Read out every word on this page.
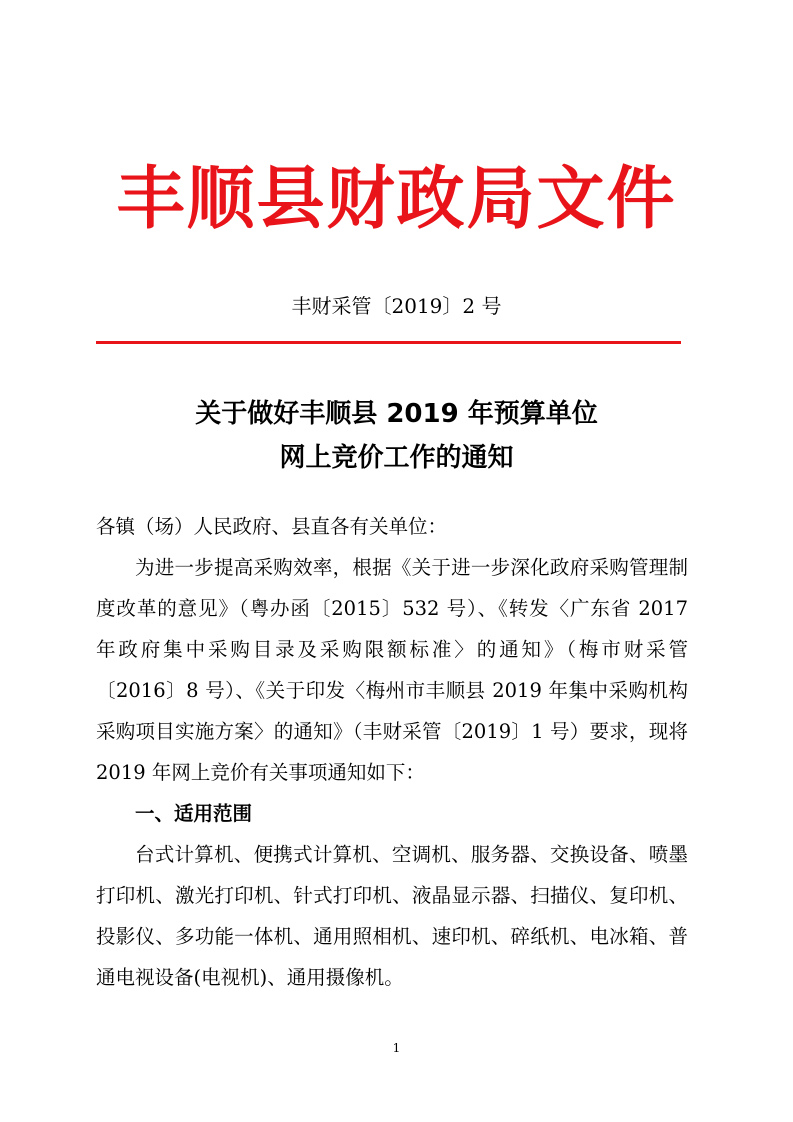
丰顺县财政局文件
丰财采管〔2019〕2 号
关于做好丰顺县 2019 年预算单位
网上竞价工作的通知

各镇（场）人民政府、县直各有关单位：

为进一步提高采购效率，根据《关于进一步深化政府采购管理制度改革的意见》（粤办函〔2015〕532 号）、《转发〈广东省 2017 年政府集中采购目录及采购限额标准〉的通知》（梅市财采管〔2016〕8 号）、《关于印发〈梅州市丰顺县 2019 年集中采购机构采购项目实施方案〉的通知》（丰财采管〔2019〕1 号）要求，现将 2019 年网上竞价有关事项通知如下：

一、适用范围

台式计算机、便携式计算机、空调机、服务器、交换设备、喷墨打印机、激光打印机、针式打印机、液晶显示器、扫描仪、复印机、投影仪、多功能一体机、通用照相机、速印机、碎纸机、电冰箱、普通电视设备(电视机)、通用摄像机。

1
